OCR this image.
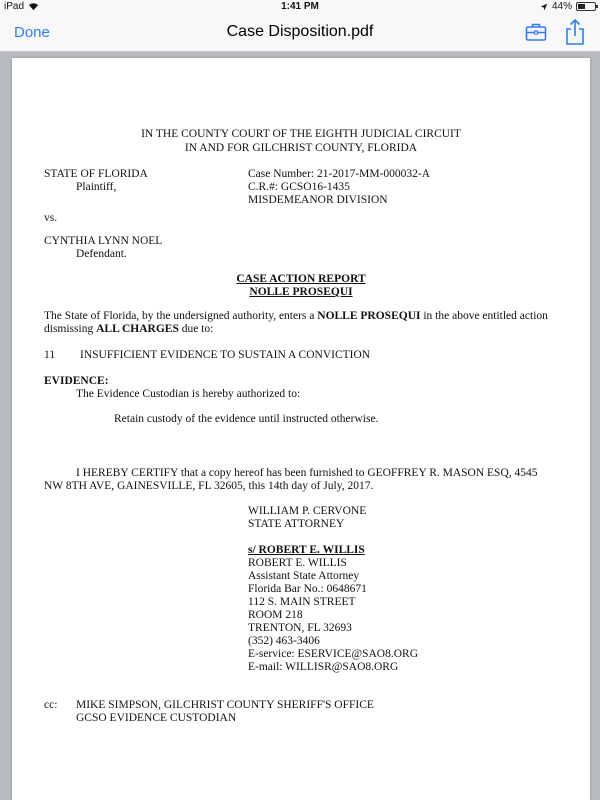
iPad	1:41 PM	44%
Done	Case Disposition.pdf
IN THE COUNTY COURT OF THE EIGHTH JUDICIAL CIRCUIT
IN AND FOR GILCHRIST COUNTY, FLORIDA
STATE OF FLORIDA
Plaintiff,
Case Number: 21-2017-MM-000032-A
C.R.#: GCSO16-1435
MISDEMEANOR DIVISION
vs.
CYNTHIA LYNN NOEL
Defendant.
CASE ACTION REPORT
NOLLE PROSEQUI
The State of Florida, by the undersigned authority, enters a NOLLE PROSEQUI in the above entitled action
dismissing ALL CHARGES due to:
11 INSUFFICIENT EVIDENCE TO SUSTAIN A CONVICTION
EVIDENCE:
The Evidence Custodian is hereby authorized to:
Retain custody of the evidence until instructed otherwise.
I HEREBY CERTIFY that a copy hereof has been furnished to GEOFFREY R. MASON ESQ, 4545
NW 8TH AVE, GAINESVILLE, FL 32605, this 14th day of July, 2017.
WILLIAM P. CERVONE
STATE ATTORNEY
s/ ROBERT E. WILLIS
ROBERT E. WILLIS
Assistant State Attorney
Florida Bar No.: 0648671
112 S. MAIN STREET
ROOM 218
TRENTON, FL 32693
(352) 463-3406
E-service: ESERVICE@SAO8.ORG
E-mail: WILLISR@SAO8.ORG
cc: MIKE SIMPSON, GILCHRIST COUNTY SHERIFF'S OFFICE
GCSO EVIDENCE CUSTODIAN
